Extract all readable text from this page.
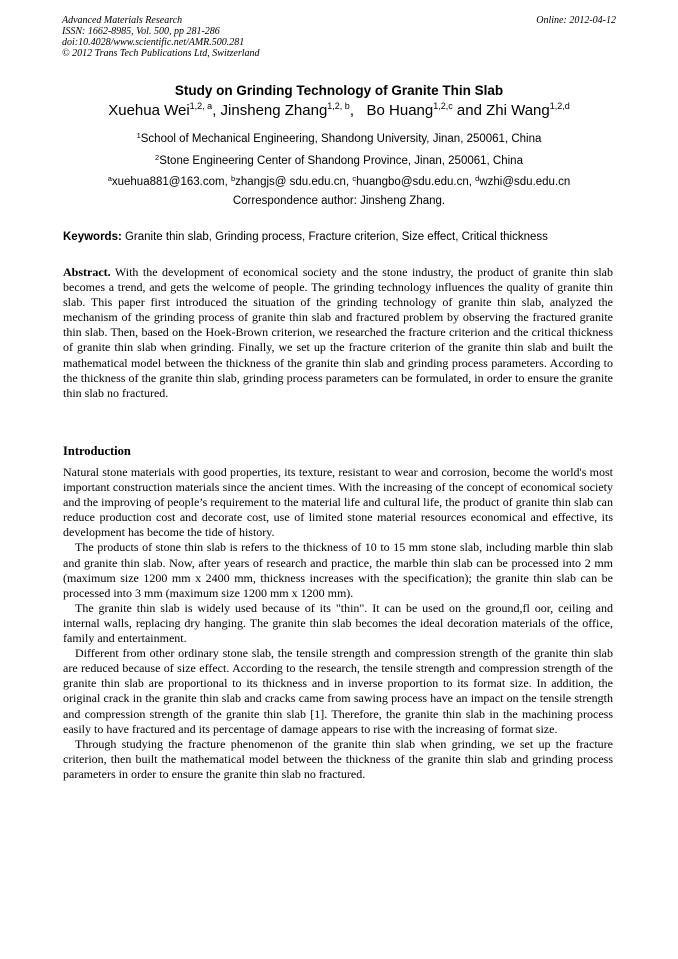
Advanced Materials Research
ISSN: 1662-8985, Vol. 500, pp 281-286
doi:10.4028/www.scientific.net/AMR.500.281
© 2012 Trans Tech Publications Ltd, Switzerland
Online: 2012-04-12
Study on Grinding Technology of Granite Thin Slab
Xuehua Wei$^{1,2, a}$, Jinsheng Zhang$^{1,2, b}$,   Bo Huang$^{1,2,c}$ and Zhi Wang$^{1,2,d}$
$^1$School of Mechanical Engineering, Shandong University, Jinan, 250061, China
$^2$Stone Engineering Center of Shandong Province, Jinan, 250061, China
$^a$xuehua881@163.com, $^b$zhangjs@ sdu.edu.cn, $^c$huangbo@sdu.edu.cn, $^d$wzhi@sdu.edu.cn
Correspondence author: Jinsheng Zhang.
Keywords: Granite thin slab, Grinding process, Fracture criterion, Size effect, Critical thickness

Abstract. With the development of economical society and the stone industry, the product of granite thin slab becomes a trend, and gets the welcome of people. The grinding technology influences the quality of granite thin slab. This paper first introduced the situation of the grinding technology of granite thin slab, analyzed the mechanism of the grinding process of granite thin slab and fractured problem by observing the fractured granite thin slab. Then, based on the Hoek-Brown criterion, we researched the fracture criterion and the critical thickness of granite thin slab when grinding. Finally, we set up the fracture criterion of the granite thin slab and built the mathematical model between the thickness of the granite thin slab and grinding process parameters. According to the thickness of the granite thin slab, grinding process parameters can be formulated, in order to ensure the granite thin slab no fractured.

Introduction

Natural stone materials with good properties, its texture, resistant to wear and corrosion, become the world's most important construction materials since the ancient times. With the increasing of the concept of economical society and the improving of people’s requirement to the material life and cultural life, the product of granite thin slab can reduce production cost and decorate cost, use of limited stone material resources economical and effective, its development has become the tide of history.

The products of stone thin slab is refers to the thickness of 10 to 15 mm stone slab, including marble thin slab and granite thin slab. Now, after years of research and practice, the marble thin slab can be processed into 2 mm (maximum size 1200 mm x 2400 mm, thickness increases with the specification); the granite thin slab can be processed into 3 mm (maximum size 1200 mm x 1200 mm).

The granite thin slab is widely used because of its "thin". It can be used on the ground,fl oor, ceiling and internal walls, replacing dry hanging. The granite thin slab becomes the ideal decoration materials of the office, family and entertainment.

Different from other ordinary stone slab, the tensile strength and compression strength of the granite thin slab are reduced because of size effect. According to the research, the tensile strength and compression strength of the granite thin slab are proportional to its thickness and in inverse proportion to its format size. In addition, the original crack in the granite thin slab and cracks came from sawing process have an impact on the tensile strength and compression strength of the granite thin slab [1]. Therefore, the granite thin slab in the machining process easily to have fractured and its percentage of damage appears to rise with the increasing of format size.

Through studying the fracture phenomenon of the granite thin slab when grinding, we set up the fracture criterion, then built the mathematical model between the thickness of the granite thin slab and grinding process parameters in order to ensure the granite thin slab no fractured.
